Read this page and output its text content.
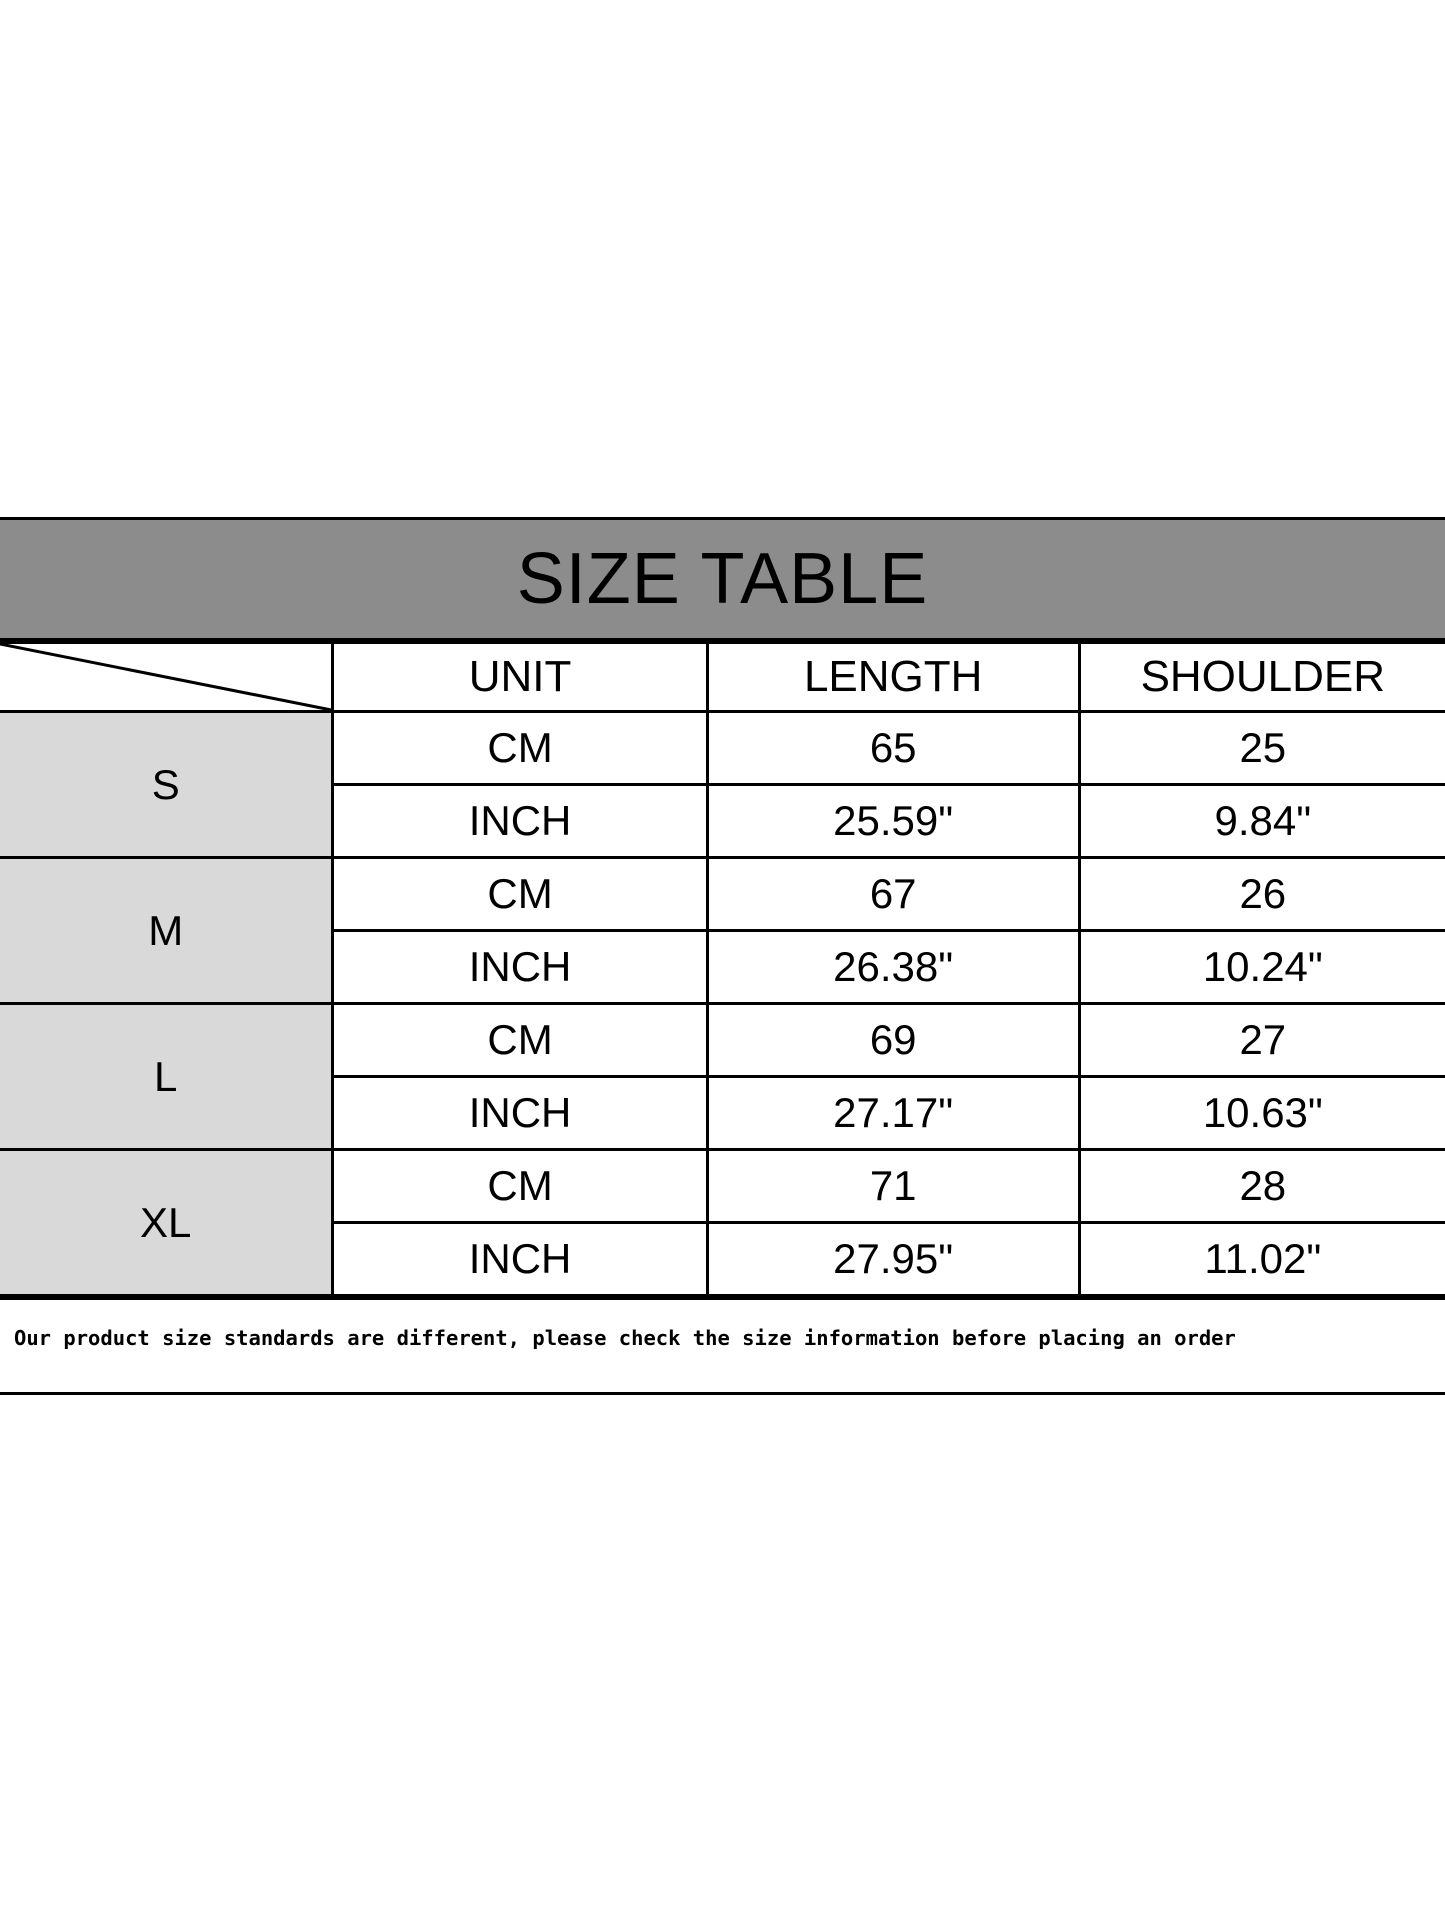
SIZE TABLE
	UNIT	LENGTH	SHOULDER
S	CM	65	25
	INCH	25.59"	9.84"
M	CM	67	26
	INCH	26.38"	10.24"
L	CM	69	27
	INCH	27.17"	10.63"
XL	CM	71	28
	INCH	27.95"	11.02"
Our product size standards are different, please check the size information before placing an order
